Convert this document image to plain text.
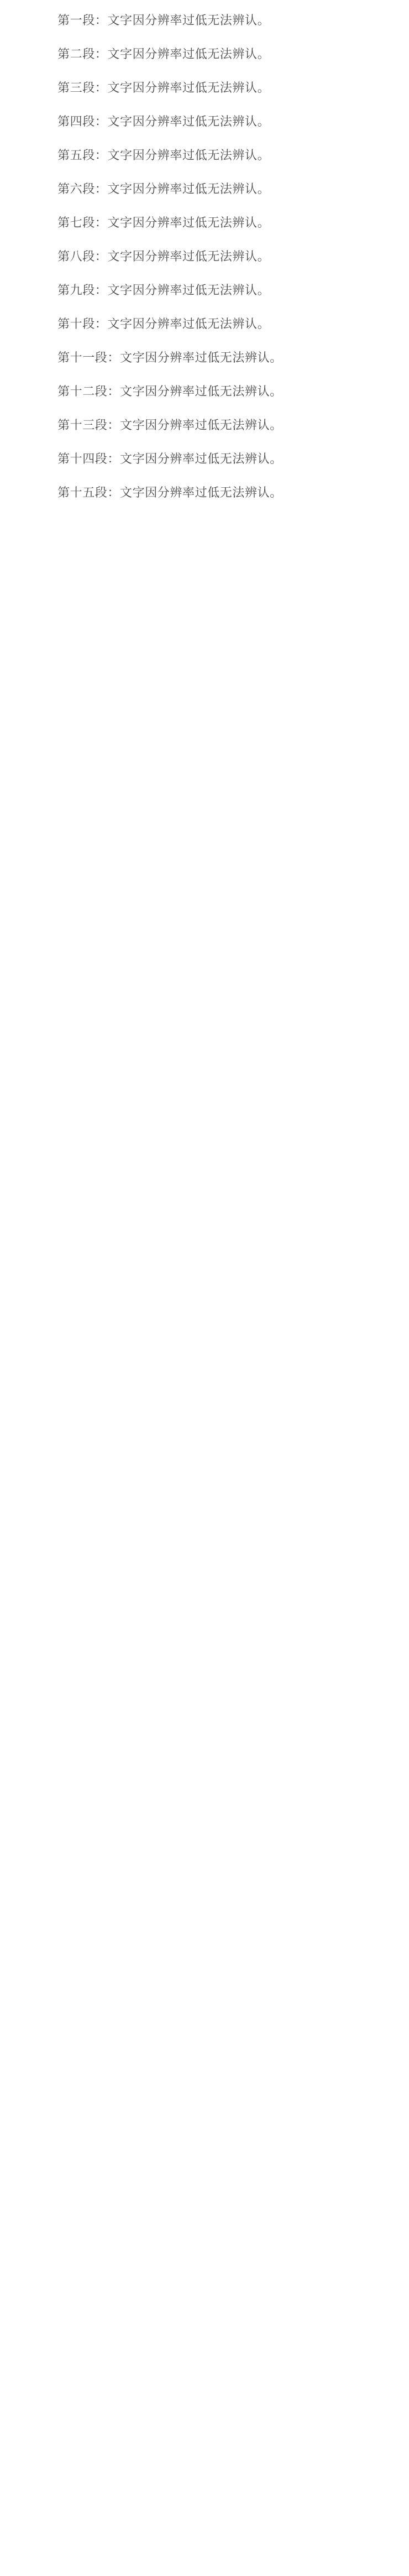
第一段：文字因分辨率过低无法辨认。

第二段：文字因分辨率过低无法辨认。

第三段：文字因分辨率过低无法辨认。

第四段：文字因分辨率过低无法辨认。

第五段：文字因分辨率过低无法辨认。

第六段：文字因分辨率过低无法辨认。

第七段：文字因分辨率过低无法辨认。

第八段：文字因分辨率过低无法辨认。

第九段：文字因分辨率过低无法辨认。

第十段：文字因分辨率过低无法辨认。

第十一段：文字因分辨率过低无法辨认。

第十二段：文字因分辨率过低无法辨认。

第十三段：文字因分辨率过低无法辨认。

第十四段：文字因分辨率过低无法辨认。

第十五段：文字因分辨率过低无法辨认。
